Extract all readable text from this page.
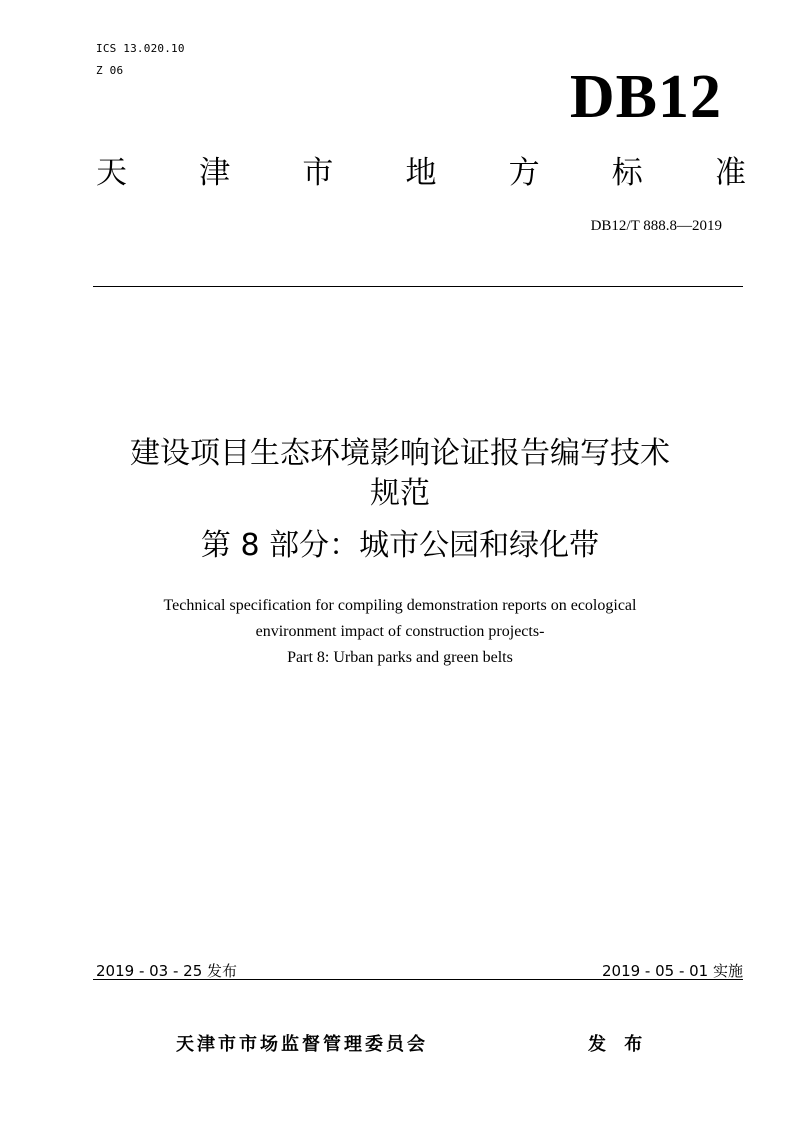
ICS 13.020.10
Z 06	DB12
天 津 市 地 方 标 准
DB12/T 888.8—2019
建设项目生态环境影响论证报告编写技术
规范
第 8 部分：城市公园和绿化带
Technical specification for compiling demonstration reports on ecological
environment impact of construction projects-
Part 8: Urban parks and green belts
2019 - 03 - 25 发布	2019 - 05 - 01 实施
天津市市场监督管理委员会	发 布
